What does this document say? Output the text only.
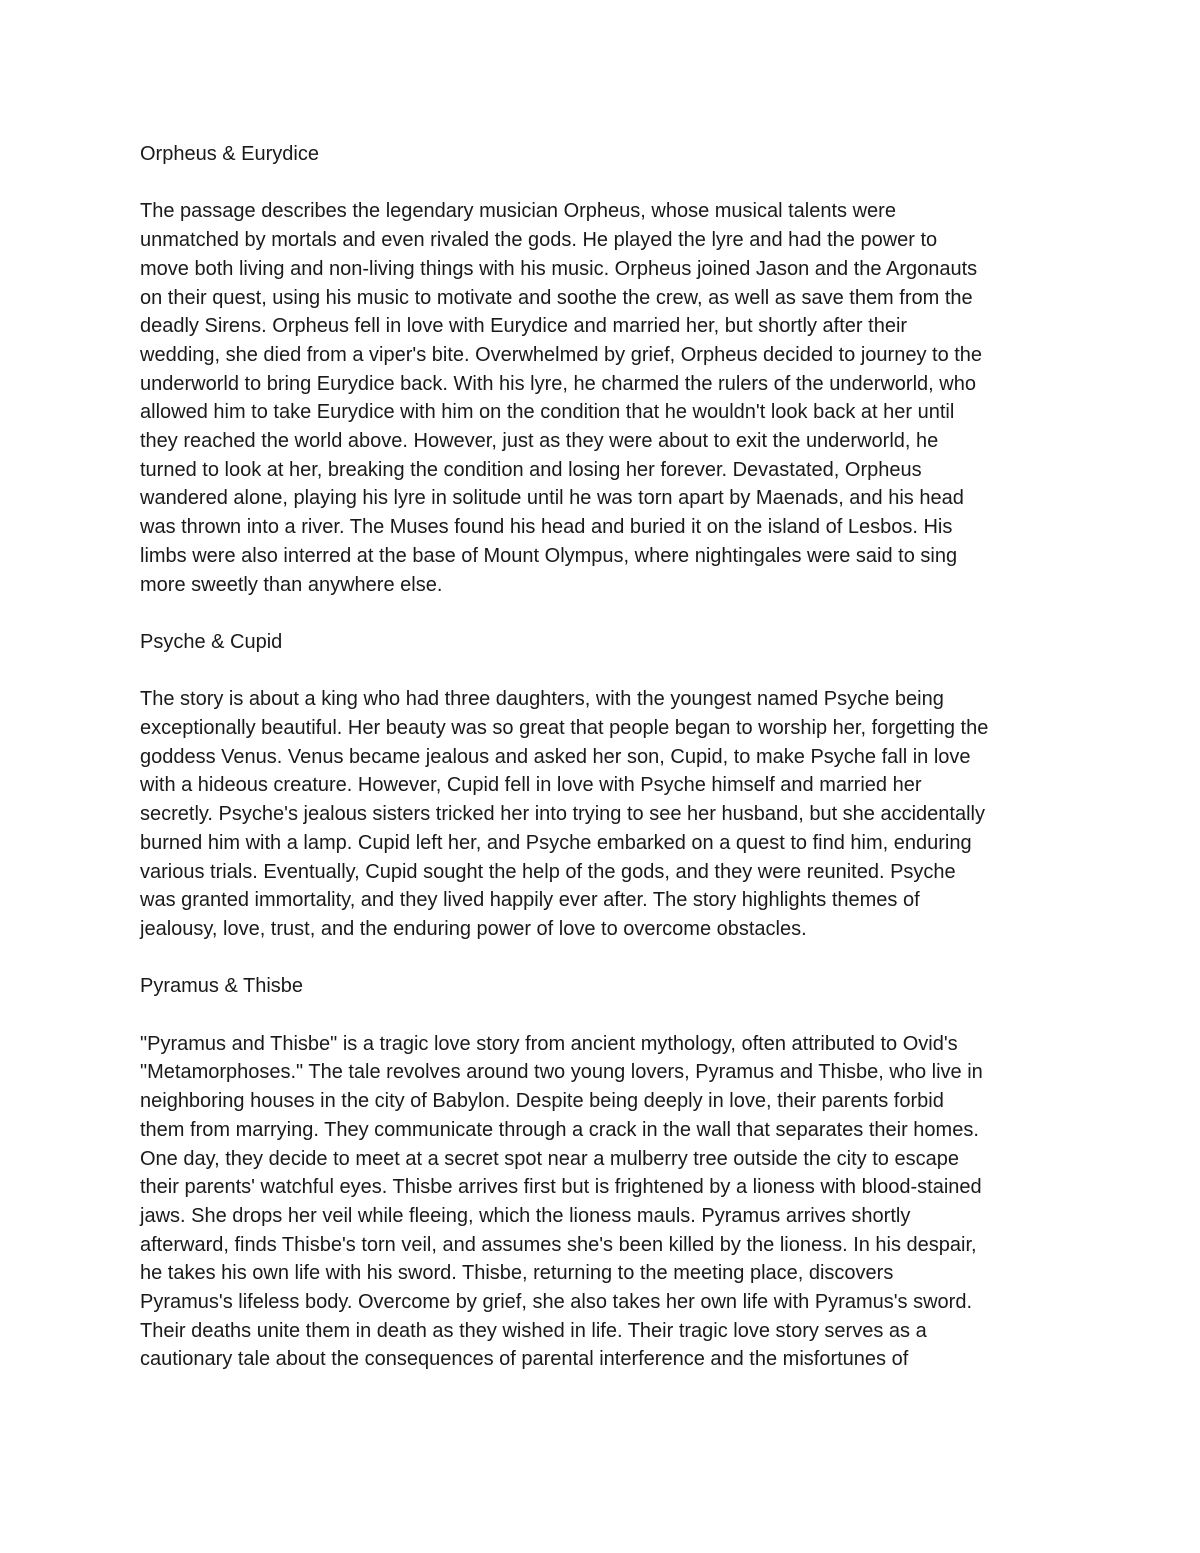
Orpheus & Eurydice
The passage describes the legendary musician Orpheus, whose musical talents were
unmatched by mortals and even rivaled the gods. He played the lyre and had the power to
move both living and non-living things with his music. Orpheus joined Jason and the Argonauts
on their quest, using his music to motivate and soothe the crew, as well as save them from the
deadly Sirens. Orpheus fell in love with Eurydice and married her, but shortly after their
wedding, she died from a viper's bite. Overwhelmed by grief, Orpheus decided to journey to the
underworld to bring Eurydice back. With his lyre, he charmed the rulers of the underworld, who
allowed him to take Eurydice with him on the condition that he wouldn't look back at her until
they reached the world above. However, just as they were about to exit the underworld, he
turned to look at her, breaking the condition and losing her forever. Devastated, Orpheus
wandered alone, playing his lyre in solitude until he was torn apart by Maenads, and his head
was thrown into a river. The Muses found his head and buried it on the island of Lesbos. His
limbs were also interred at the base of Mount Olympus, where nightingales were said to sing
more sweetly than anywhere else.
Psyche & Cupid
The story is about a king who had three daughters, with the youngest named Psyche being
exceptionally beautiful. Her beauty was so great that people began to worship her, forgetting the
goddess Venus. Venus became jealous and asked her son, Cupid, to make Psyche fall in love
with a hideous creature. However, Cupid fell in love with Psyche himself and married her
secretly. Psyche's jealous sisters tricked her into trying to see her husband, but she accidentally
burned him with a lamp. Cupid left her, and Psyche embarked on a quest to find him, enduring
various trials. Eventually, Cupid sought the help of the gods, and they were reunited. Psyche
was granted immortality, and they lived happily ever after. The story highlights themes of
jealousy, love, trust, and the enduring power of love to overcome obstacles.
Pyramus & Thisbe
"Pyramus and Thisbe" is a tragic love story from ancient mythology, often attributed to Ovid's
"Metamorphoses." The tale revolves around two young lovers, Pyramus and Thisbe, who live in
neighboring houses in the city of Babylon. Despite being deeply in love, their parents forbid
them from marrying. They communicate through a crack in the wall that separates their homes.
One day, they decide to meet at a secret spot near a mulberry tree outside the city to escape
their parents' watchful eyes. Thisbe arrives first but is frightened by a lioness with blood-stained
jaws. She drops her veil while fleeing, which the lioness mauls. Pyramus arrives shortly
afterward, finds Thisbe's torn veil, and assumes she's been killed by the lioness. In his despair,
he takes his own life with his sword. Thisbe, returning to the meeting place, discovers
Pyramus's lifeless body. Overcome by grief, she also takes her own life with Pyramus's sword.
Their deaths unite them in death as they wished in life. Their tragic love story serves as a
cautionary tale about the consequences of parental interference and the misfortunes of
